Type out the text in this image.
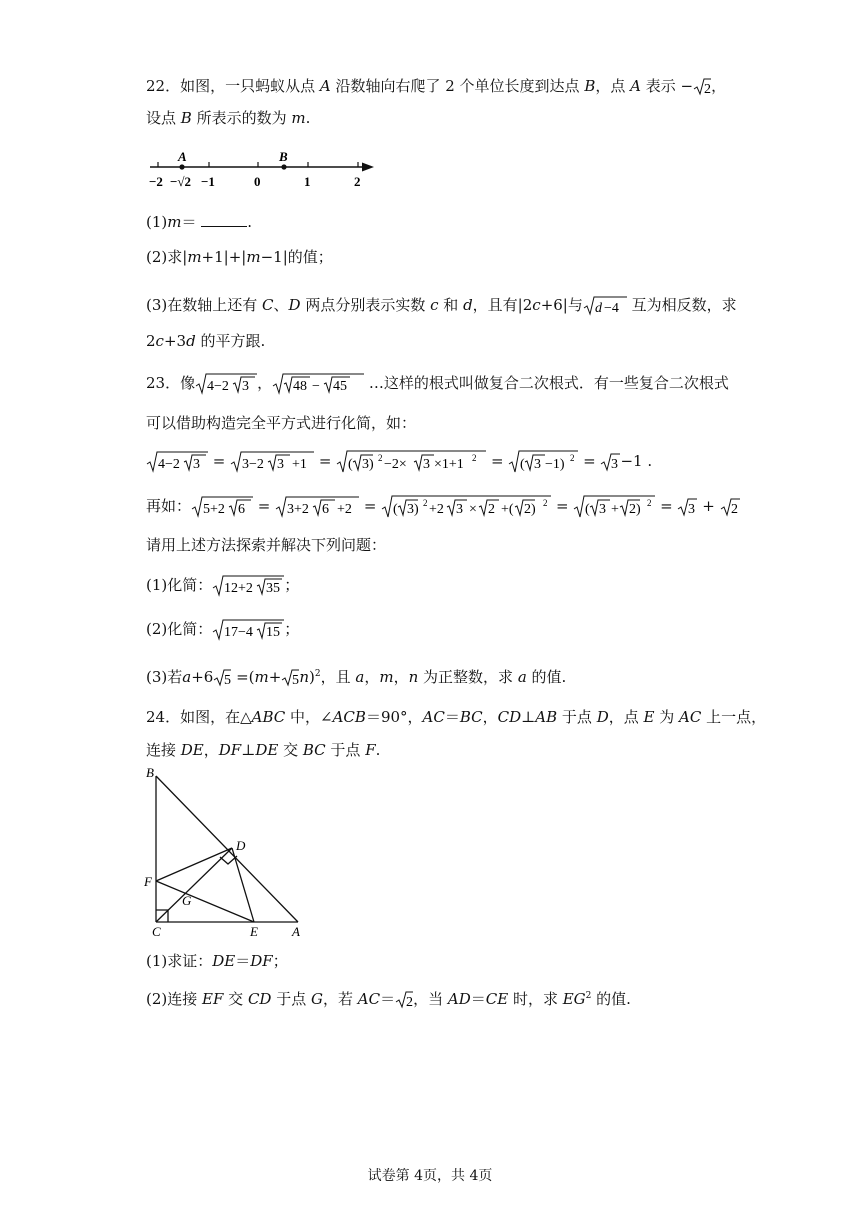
22．如图，一只蚂蚁从点 A 沿数轴向右爬了 2 个单位长度到达点 B，点 A 表示 − 2 ，
设点 B 所表示的数为 m.
A	B
−2 −√2 −1	0	1	2
(1)m＝	.
(2)求|m+1|+|m−1|的值；
(3)在数轴上还有 C、D 两点分别表示实数 c 和 d，且有|2c+6|与 d −4 互为相反数，求
2c+3d 的平方跟.
23．像 4−2 3 ， 48 − 45 …这样的根式叫做复合二次根式．有一些复合二次根式
可以借助构造完全平方式进行化简，如：
4−2 3 = 3−2 3 +1 = ( 3) 2 −2× 3 ×1+1 2 = ( 3 −1) 2 = 3 −1 .
再如： 5+2 6 = 3+2 6 +2 = ( 3) 2 +2 3 × 2 +( 2) 2 = ( 3 + 2) 2 = 3 + 2
请用上述方法探索并解决下列问题：
(1)化简： 12+2 35 ；
(2)化简： 17−4 15 ；
(3)若a+6 5 =(m+ 5 n)$^2$，且 a，m，n 为正整数，求 a 的值.
24．如图，在△ABC 中，∠ACB＝90°，AC＝BC，CD⊥AB 于点 D，点 E 为 AC 上一点，
连接 DE，DF⊥DE 交 BC 于点 F.
B
D
F
G
C	E	A
(1)求证：DE＝DF；
(2)连接 EF 交 CD 于点 G，若 AC＝ 2 ，当 AD＝CE 时，求 $EG^2$ 的值.
试卷第 4页，共 4页
